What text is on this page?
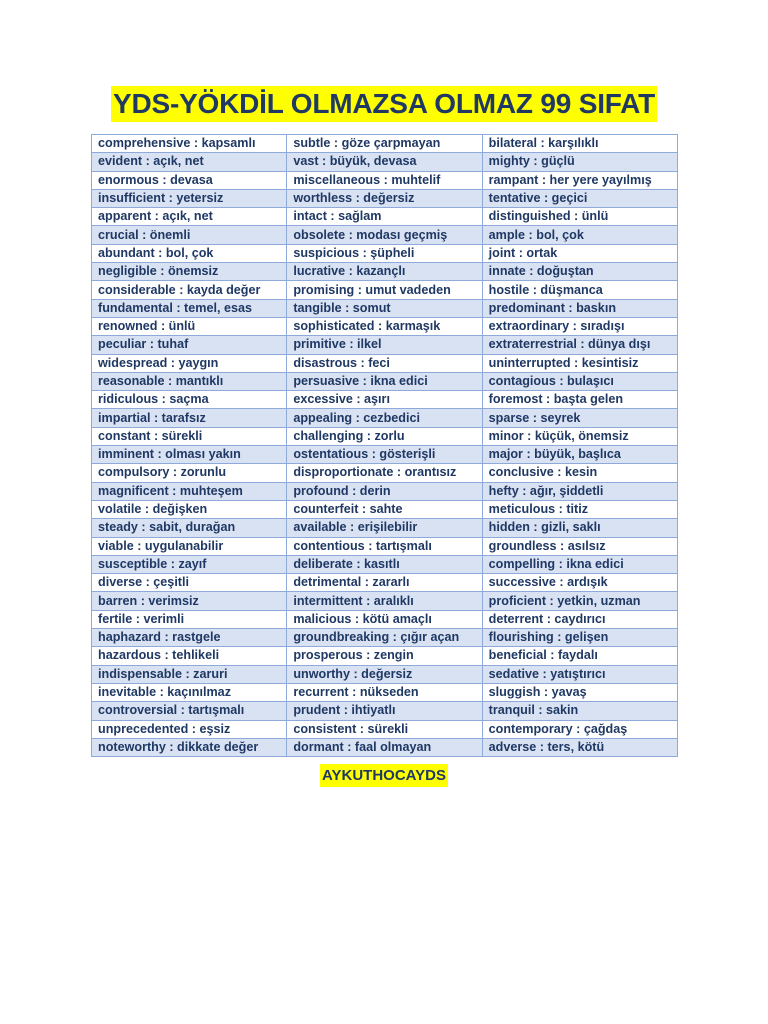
YDS-YÖKDİL OLMAZSA OLMAZ 99 SIFAT
comprehensive : kapsamlı	subtle : göze çarpmayan	bilateral : karşılıklı
evident : açık, net	vast : büyük, devasa	mighty : güçlü
enormous : devasa	miscellaneous : muhtelif	rampant : her yere yayılmış
insufficient : yetersiz	worthless : değersiz	tentative : geçici
apparent : açık, net	intact : sağlam	distinguished : ünlü
crucial : önemli	obsolete : modası geçmiş	ample : bol, çok
abundant : bol, çok	suspicious : şüpheli	joint : ortak
negligible : önemsiz	lucrative : kazançlı	innate : doğuştan
considerable : kayda değer	promising : umut vadeden	hostile : düşmanca
fundamental : temel, esas	tangible : somut	predominant : baskın
renowned : ünlü	sophisticated : karmaşık	extraordinary : sıradışı
peculiar : tuhaf	primitive : ilkel	extraterrestrial : dünya dışı
widespread : yaygın	disastrous : feci	uninterrupted : kesintisiz
reasonable : mantıklı	persuasive : ikna edici	contagious : bulaşıcı
ridiculous : saçma	excessive : aşırı	foremost : başta gelen
impartial : tarafsız	appealing : cezbedici	sparse : seyrek
constant : sürekli	challenging : zorlu	minor : küçük, önemsiz
imminent : olması yakın	ostentatious : gösterişli	major : büyük, başlıca
compulsory : zorunlu	disproportionate : orantısız	conclusive : kesin
magnificent : muhteşem	profound : derin	hefty : ağır, şiddetli
volatile : değişken	counterfeit : sahte	meticulous : titiz
steady : sabit, durağan	available : erişilebilir	hidden : gizli, saklı
viable : uygulanabilir	contentious : tartışmalı	groundless : asılsız
susceptible : zayıf	deliberate : kasıtlı	compelling : ikna edici
diverse : çeşitli	detrimental : zararlı	successive : ardışık
barren : verimsiz	intermittent : aralıklı	proficient : yetkin, uzman
fertile : verimli	malicious : kötü amaçlı	deterrent : caydırıcı
haphazard : rastgele	groundbreaking : çığır açan	flourishing : gelişen
hazardous : tehlikeli	prosperous : zengin	beneficial : faydalı
indispensable : zaruri	unworthy : değersiz	sedative : yatıştırıcı
inevitable : kaçınılmaz	recurrent : nükseden	sluggish : yavaş
controversial : tartışmalı	prudent : ihtiyatlı	tranquil : sakin
unprecedented : eşsiz	consistent : sürekli	contemporary : çağdaş
noteworthy : dikkate değer	dormant : faal olmayan	adverse : ters, kötü
AYKUTHOCAYDS
